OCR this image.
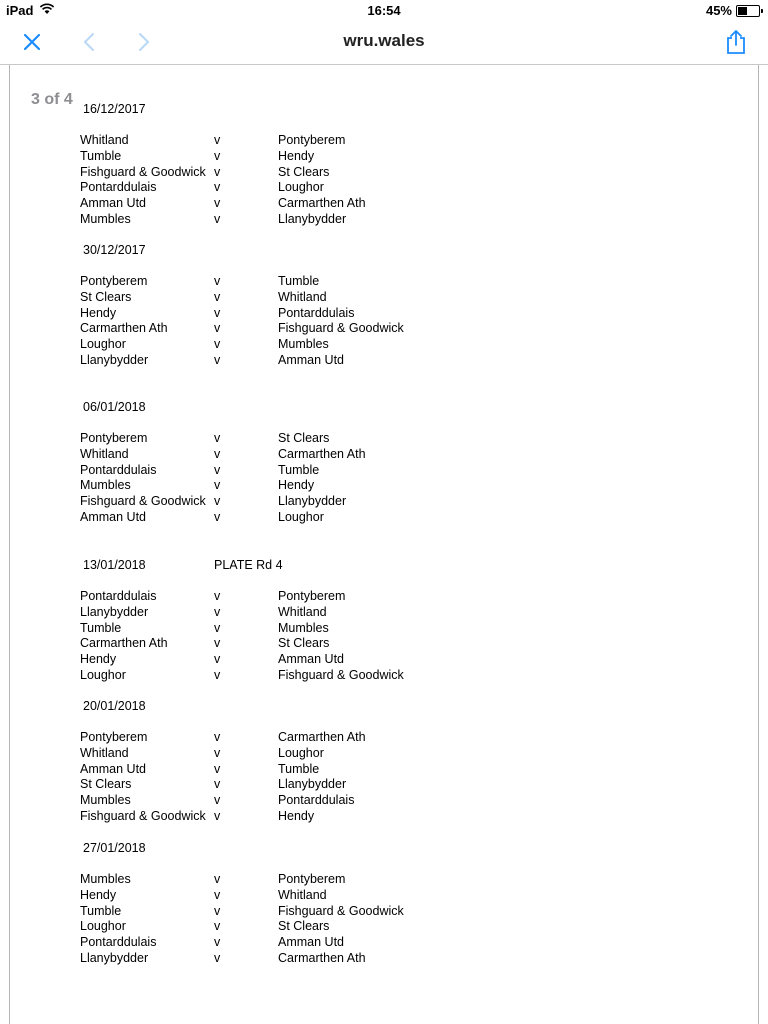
iPad	16:54	45%
wru.wales
3 of 4
16/12/2017
Whitland	v	Pontyberem
Tumble	v	Hendy
Fishguard & Goodwick v	St Clears
Pontarddulais	v	Loughor
Amman Utd	v	Carmarthen Ath
Mumbles	v	Llanybydder
30/12/2017
Pontyberem	v	Tumble
St Clears	v	Whitland
Hendy	v	Pontarddulais
Carmarthen Ath	v	Fishguard & Goodwick
Loughor	v	Mumbles
Llanybydder	v	Amman Utd
06/01/2018
Pontyberem	v	St Clears
Whitland	v	Carmarthen Ath
Pontarddulais	v	Tumble
Mumbles	v	Hendy
Fishguard & Goodwick v	Llanybydder
Amman Utd	v	Loughor
13/01/2018	PLATE Rd 4
Pontarddulais	v	Pontyberem
Llanybydder	v	Whitland
Tumble	v	Mumbles
Carmarthen Ath	v	St Clears
Hendy	v	Amman Utd
Loughor	v	Fishguard & Goodwick
20/01/2018
Pontyberem	v	Carmarthen Ath
Whitland	v	Loughor
Amman Utd	v	Tumble
St Clears	v	Llanybydder
Mumbles	v	Pontarddulais
Fishguard & Goodwick v	Hendy
27/01/2018
Mumbles	v	Pontyberem
Hendy	v	Whitland
Tumble	v	Fishguard & Goodwick
Loughor	v	St Clears
Pontarddulais	v	Amman Utd
Llanybydder	v	Carmarthen Ath
